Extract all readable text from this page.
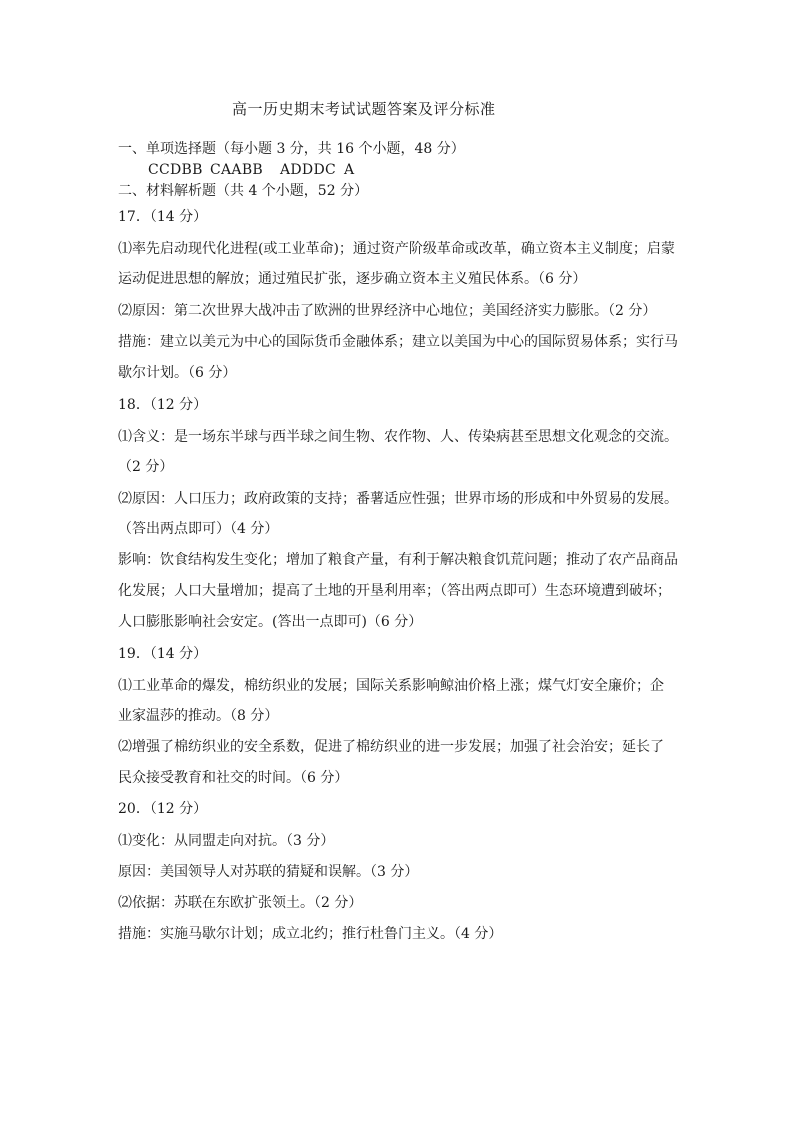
高一历史期末考试试题答案及评分标准
一、单项选择题（每小题 3 分，共 16 个小题，48 分）
CCDBB CAABB ADDDC A
二、材料解析题（共 4 个小题，52 分）
17．（14 分）
⑴率先启动现代化进程(或工业革命)；通过资产阶级革命或改革，确立资本主义制度；启蒙
运动促进思想的解放；通过殖民扩张，逐步确立资本主义殖民体系。（6 分）
⑵原因：第二次世界大战冲击了欧洲的世界经济中心地位；美国经济实力膨胀。（2 分）
措施：建立以美元为中心的国际货币金融体系；建立以美国为中心的国际贸易体系；实行马
歇尔计划。（6 分）
18．（12 分）
⑴含义：是一场东半球与西半球之间生物、农作物、人、传染病甚至思想文化观念的交流。
（2 分）
⑵原因：人口压力；政府政策的支持；番薯适应性强；世界市场的形成和中外贸易的发展。
（答出两点即可）（4 分）
影响：饮食结构发生变化；增加了粮食产量，有利于解决粮食饥荒问题；推动了农产品商品
化发展；人口大量增加；提高了土地的开垦利用率；（答出两点即可）生态环境遭到破坏；
人口膨胀影响社会安定。(答出一点即可)（6 分）
19．（14 分）
⑴工业革命的爆发，棉纺织业的发展；国际关系影响鲸油价格上涨；煤气灯安全廉价；企
业家温莎的推动。（8 分）
⑵增强了棉纺织业的安全系数，促进了棉纺织业的进一步发展；加强了社会治安；延长了
民众接受教育和社交的时间。（6 分）
20．（12 分）
⑴变化：从同盟走向对抗。（3 分）
原因：美国领导人对苏联的猜疑和误解。（3 分）
⑵依据：苏联在东欧扩张领土。（2 分）
措施：实施马歇尔计划；成立北约；推行杜鲁门主义。（4 分）
